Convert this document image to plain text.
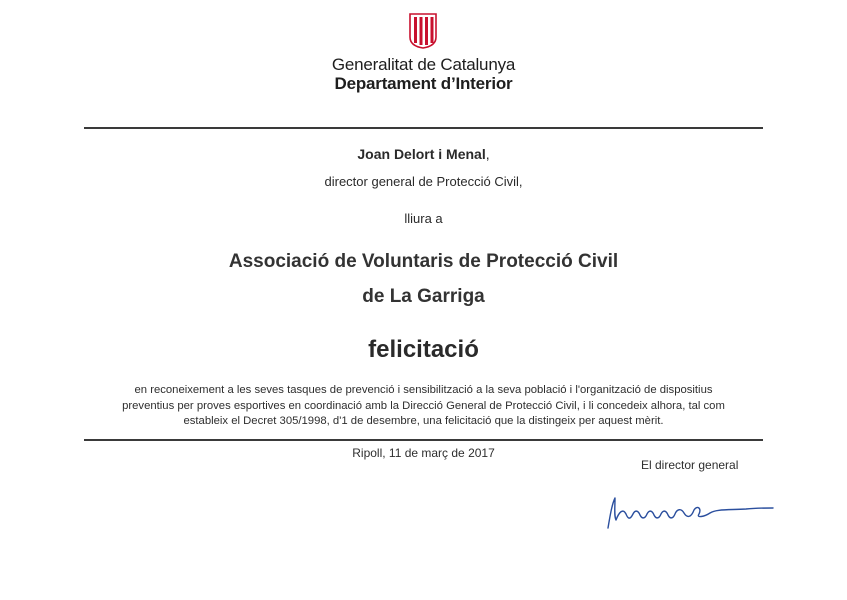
Generalitat de Catalunya
Departament d’Interior
Joan Delort i Menal,
director general de Protecció Civil,
lliura a
Associació de Voluntaris de Protecció Civil
de La Garriga
felicitació
en reconeixement a les seves tasques de prevenció i sensibilització a la seva població i l'organització de dispositius
preventius per proves esportives en coordinació amb la Direcció General de Protecció Civil, i li concedeix alhora, tal com
estableix el Decret 305/1998, d'1 de desembre, una felicitació que la distingeix per aquest mèrit.
Ripoll, 11 de març de 2017
El director general
